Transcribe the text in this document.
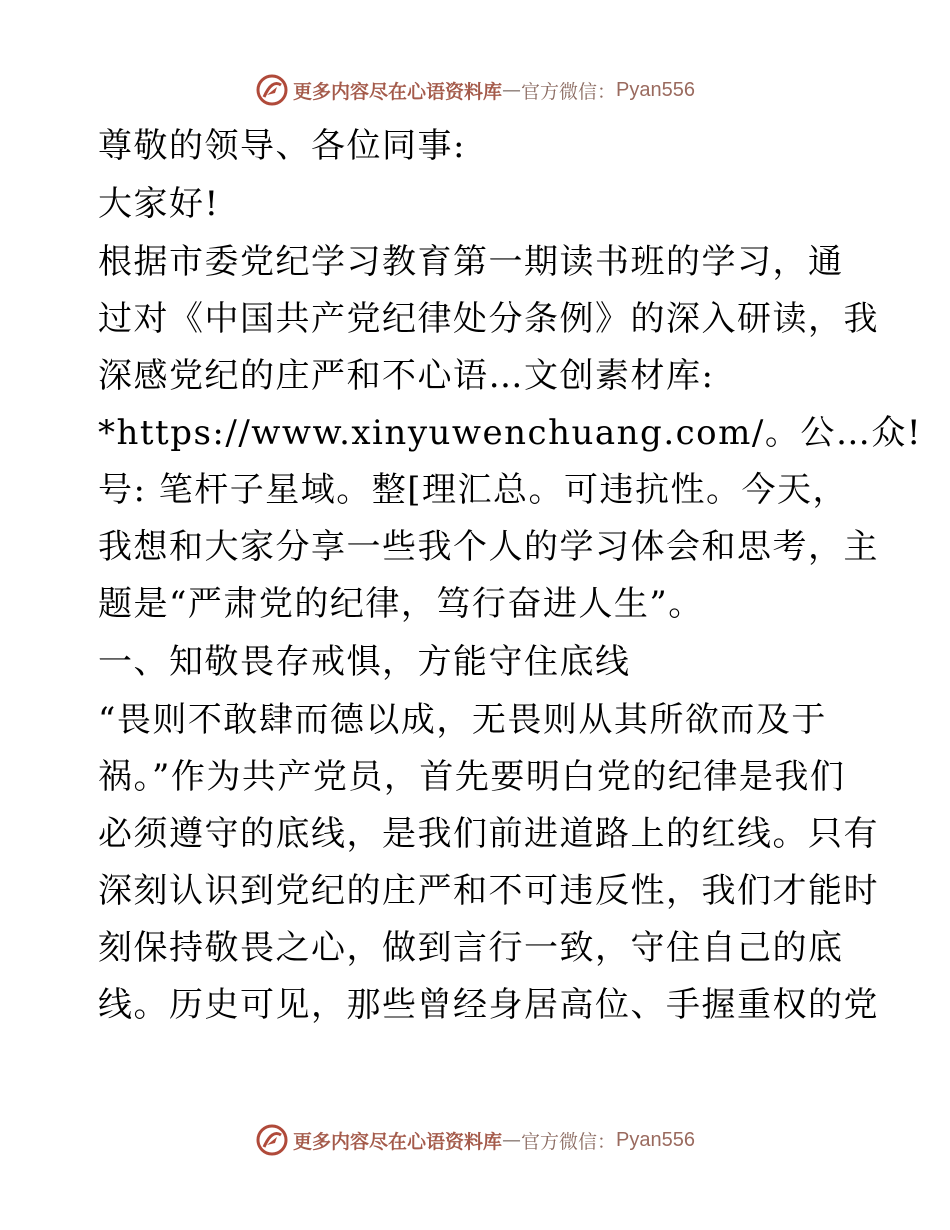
更多内容尽在心语资料库 — 官方微信： Pyan556
尊敬的领导、各位同事:
大家好!
根据市委党纪学习教育第一期读书班的学习，通
过对《中国共产党纪律处分条例》的深入研读，我
深感党纪的庄严和不心语…文创素材库:
*https://www.xinyuwenchuang.com/。公…众!
号: 笔杆子星域。整[理汇总。可违抗性。今天，
我想和大家分享一些我个人的学习体会和思考，主
题是“严肃党的纪律，笃行奋进人生”。
一、知敬畏存戒惧，方能守住底线
“畏则不敢肆而德以成，无畏则从其所欲而及于
祸。”作为共产党员，首先要明白党的纪律是我们
必须遵守的底线，是我们前进道路上的红线。只有
深刻认识到党纪的庄严和不可违反性，我们才能时
刻保持敬畏之心，做到言行一致，守住自己的底
线。历史可见，那些曾经身居高位、手握重权的党
更多内容尽在心语资料库 — 官方微信： Pyan556
